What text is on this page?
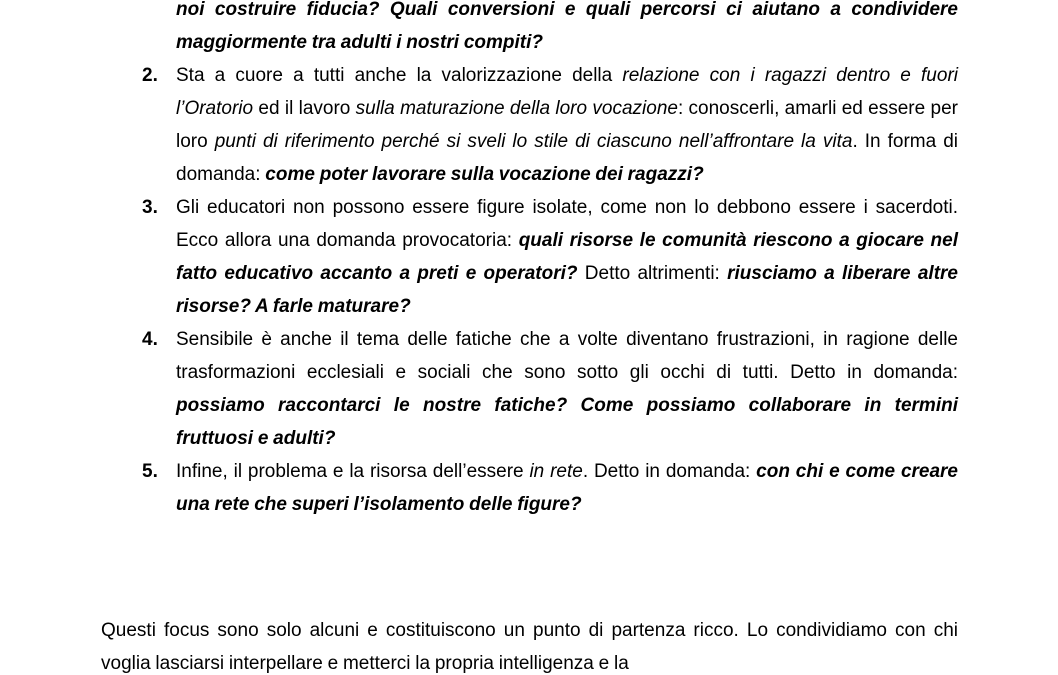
noi costruire fiducia? Quali conversioni e quali percorsi ci aiutano a condividere maggiormente tra adulti i nostri compiti?
2. Sta a cuore a tutti anche la valorizzazione della relazione con i ragazzi dentro e fuori l’Oratorio ed il lavoro sulla maturazione della loro vocazione: conoscerli, amarli ed essere per loro punti di riferimento perché si sveli lo stile di ciascuno nell’affrontare la vita. In forma di domanda: come poter lavorare sulla vocazione dei ragazzi?
3. Gli educatori non possono essere figure isolate, come non lo debbono essere i sacerdoti. Ecco allora una domanda provocatoria: quali risorse le comunità riescono a giocare nel fatto educativo accanto a preti e operatori? Detto altrimenti: riusciamo a liberare altre risorse? A farle maturare?
4. Sensibile è anche il tema delle fatiche che a volte diventano frustrazioni, in ragione delle trasformazioni ecclesiali e sociali che sono sotto gli occhi di tutti. Detto in domanda: possiamo raccontarci le nostre fatiche? Come possiamo collaborare in termini fruttuosi e adulti?
5. Infine, il problema e la risorsa dell’essere in rete. Detto in domanda: con chi e come creare una rete che superi l’isolamento delle figure?
Questi focus sono solo alcuni e costituiscono un punto di partenza ricco. Lo condividiamo con chi voglia lasciarsi interpellare e metterci la propria intelligenza e la
